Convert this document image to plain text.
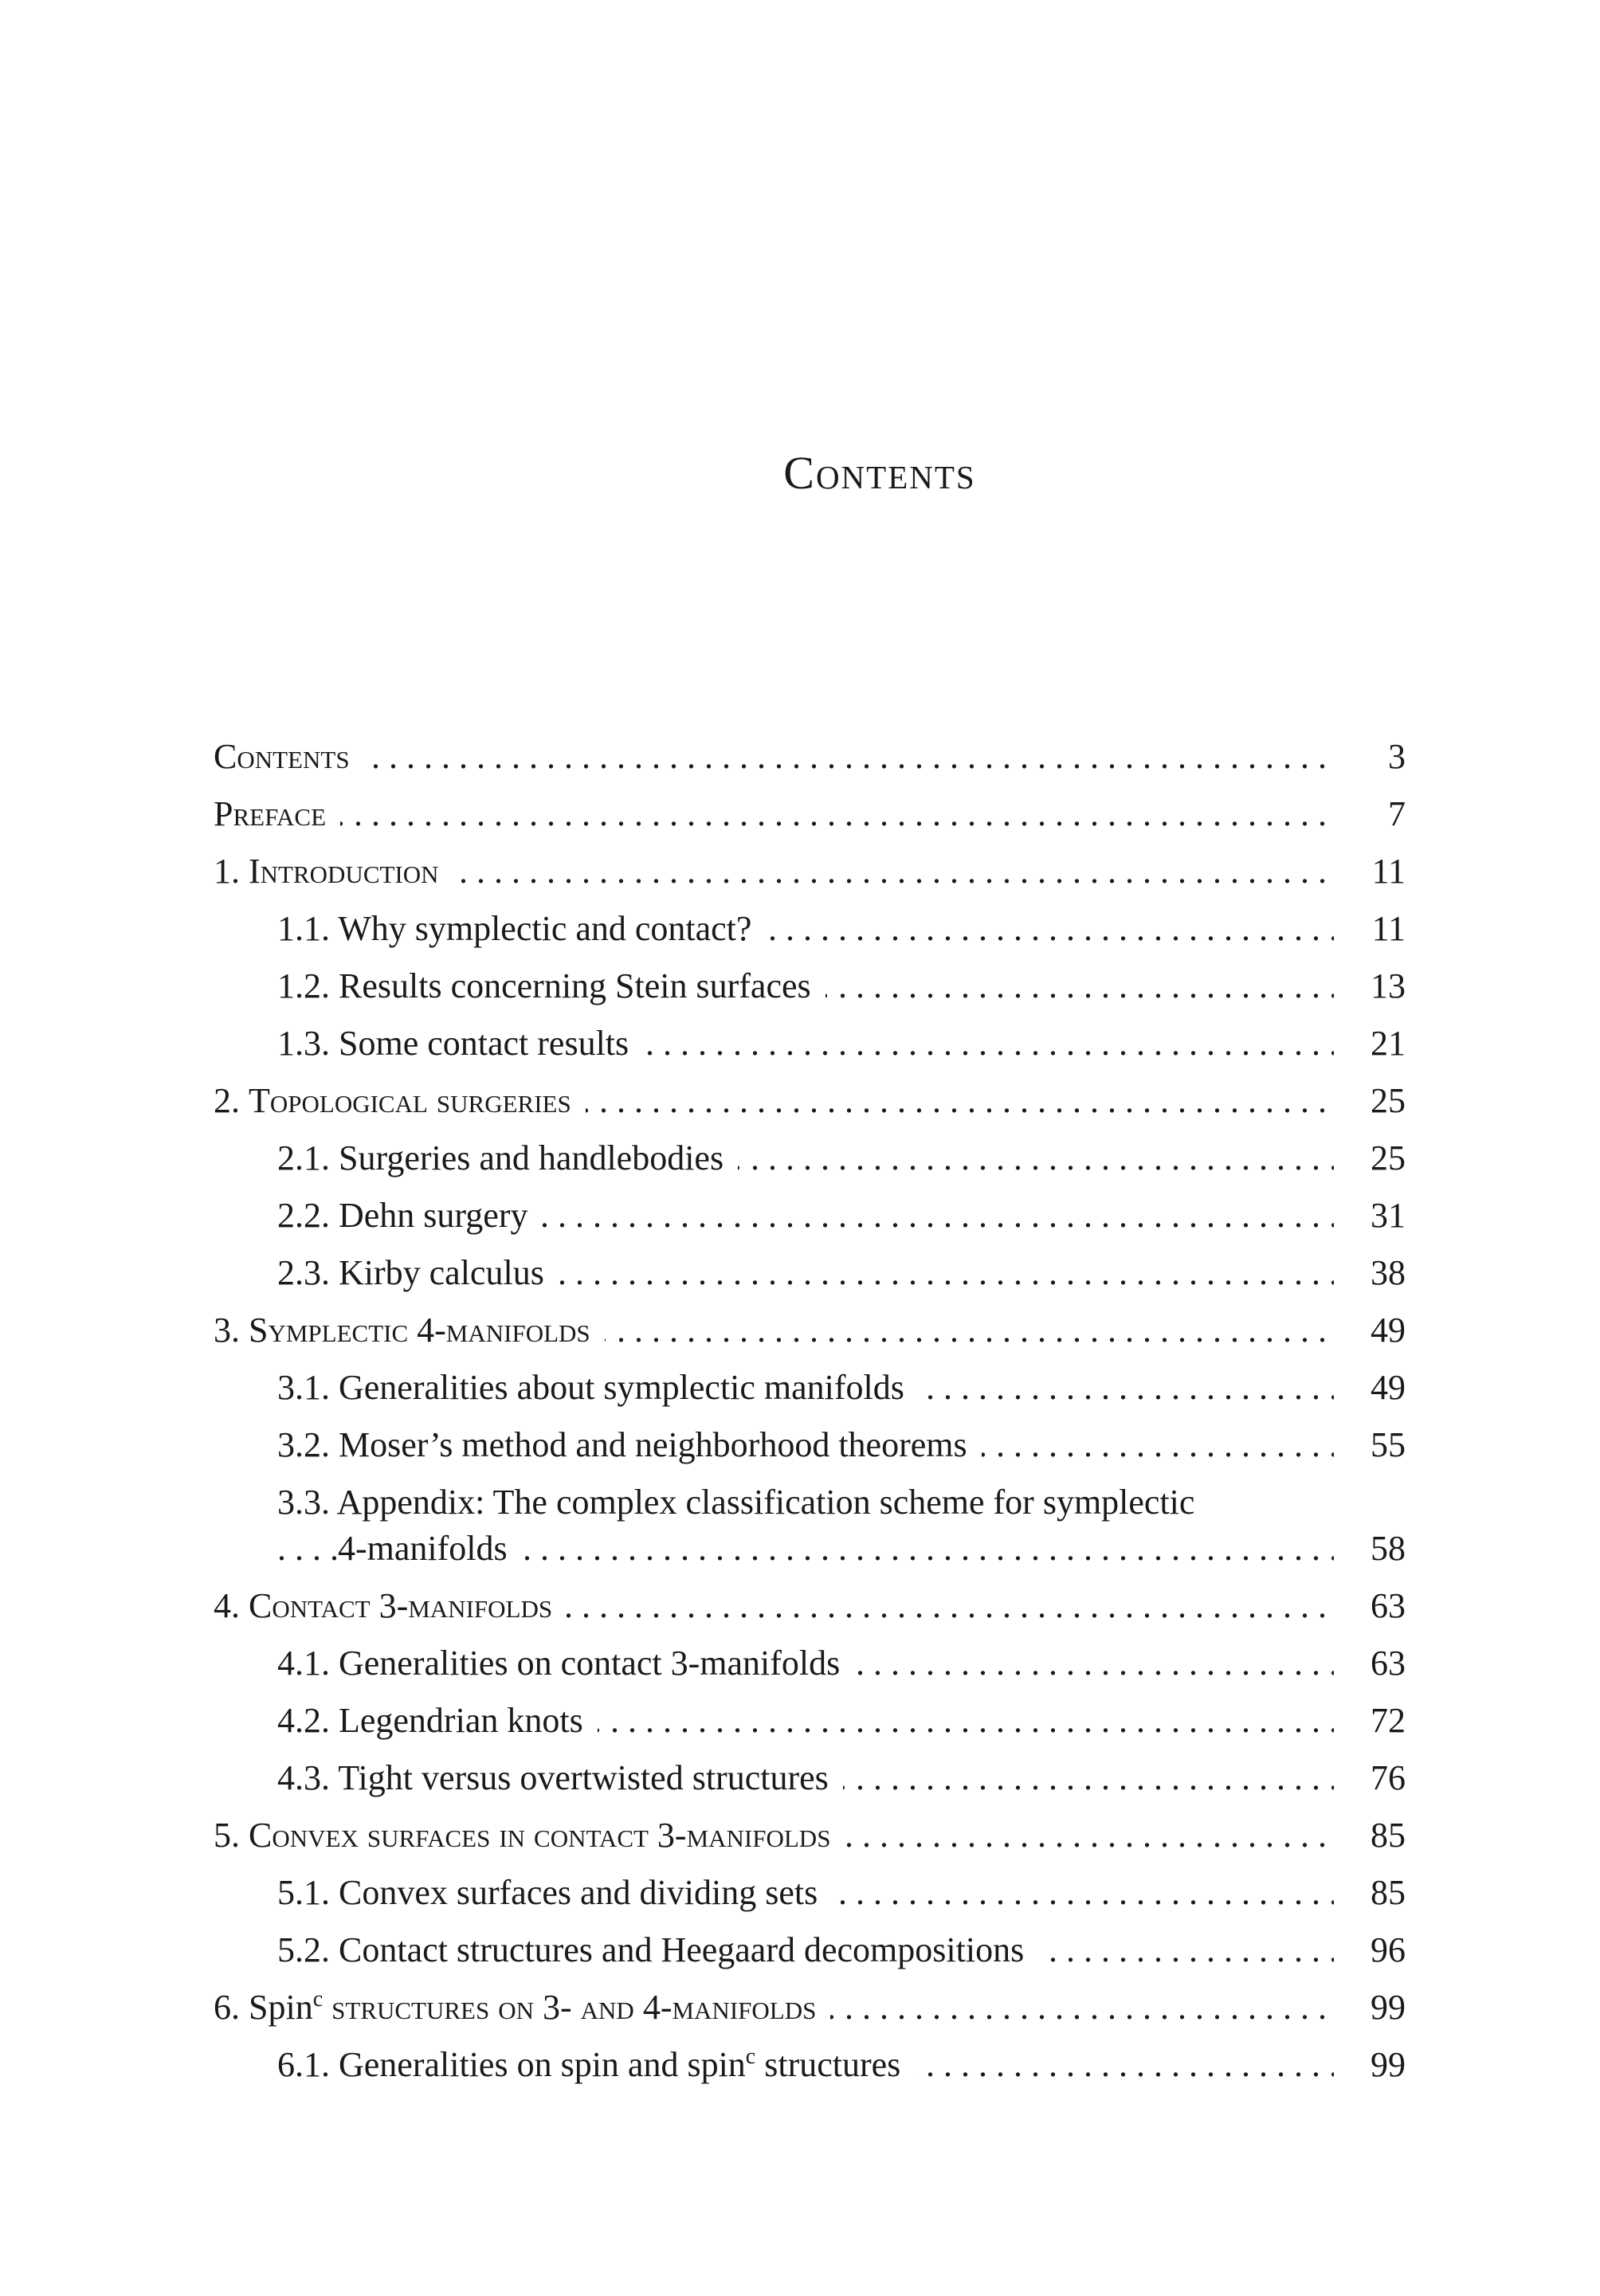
Contents
. . .
Contents	3
. . .
Preface	7
. . .
1. Introduction	11
. . .
1.1. Why symplectic and contact?	11
. . .
1.2. Results concerning Stein surfaces	13
. . .
1.3. Some contact results	21
. . .
2. Topological surgeries	25
. . .
2.1. Surgeries and handlebodies	25
. . .
2.2. Dehn surgery	31
. . .
2.3. Kirby calculus	38
. . .
3. Symplectic 4-manifolds	49
. . .
3.1. Generalities about symplectic manifolds	49
. . .
3.2. Moser’s method and neighborhood theorems	55
3.3. Appendix: The complex classification scheme for symplectic
. . .
4-manifolds	58
. . .
4. Contact 3-manifolds	63
. . .
4.1. Generalities on contact 3-manifolds	63
. . .
4.2. Legendrian knots	72
. . .
4.3. Tight versus overtwisted structures	76
. . .
5. Convex surfaces in contact 3-manifolds	85
. . .
5.1. Convex surfaces and dividing sets	85
. . .
5.2. Contact structures and Heegaard decompositions	96
. . .
6. Spin$^c$ structures on 3- and 4-manifolds	99
. . .
6.1. Generalities on spin and spin$^c$ structures	99
